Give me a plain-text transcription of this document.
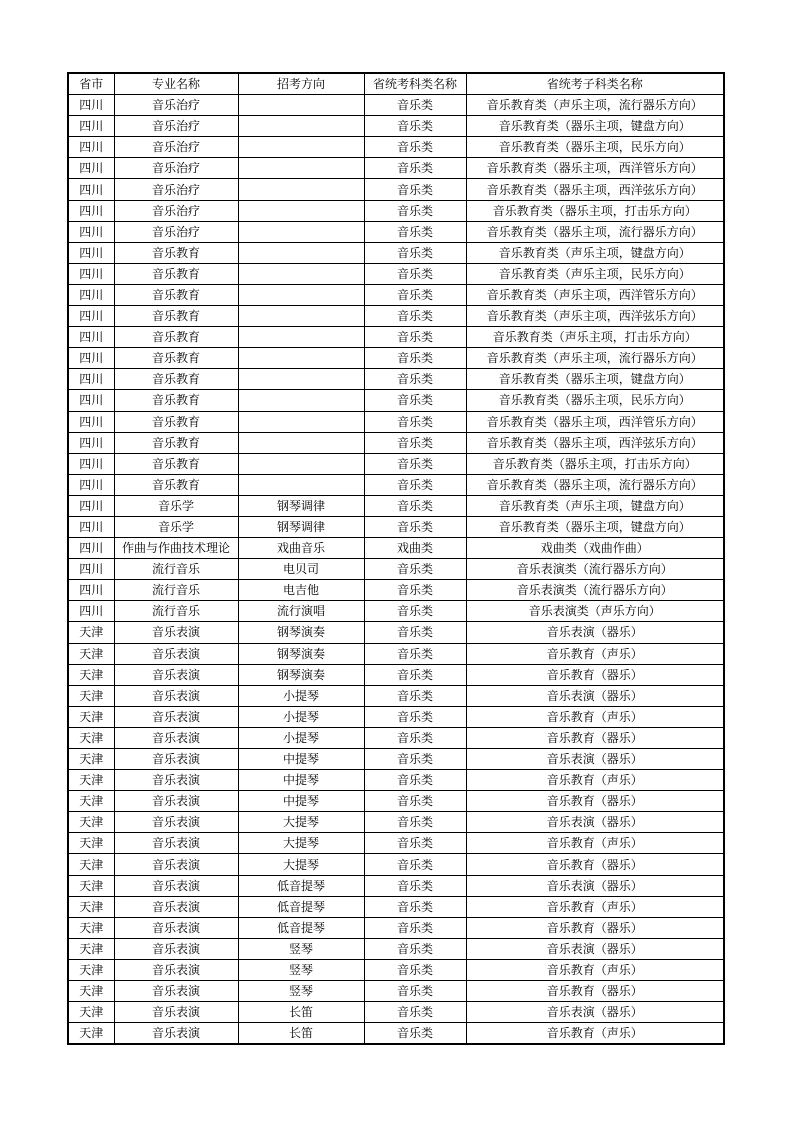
省市	专业名称	招考方向	省统考科类名称	省统考子科类名称
四川	音乐治疗		音乐类	音乐教育类（声乐主项，流行器乐方向）
四川	音乐治疗		音乐类	音乐教育类（器乐主项，键盘方向）
四川	音乐治疗		音乐类	音乐教育类（器乐主项，民乐方向）
四川	音乐治疗		音乐类	音乐教育类（器乐主项，西洋管乐方向）
四川	音乐治疗		音乐类	音乐教育类（器乐主项，西洋弦乐方向）
四川	音乐治疗		音乐类	音乐教育类（器乐主项，打击乐方向）
四川	音乐治疗		音乐类	音乐教育类（器乐主项，流行器乐方向）
四川	音乐教育		音乐类	音乐教育类（声乐主项，键盘方向）
四川	音乐教育		音乐类	音乐教育类（声乐主项，民乐方向）
四川	音乐教育		音乐类	音乐教育类（声乐主项，西洋管乐方向）
四川	音乐教育		音乐类	音乐教育类（声乐主项，西洋弦乐方向）
四川	音乐教育		音乐类	音乐教育类（声乐主项，打击乐方向）
四川	音乐教育		音乐类	音乐教育类（声乐主项，流行器乐方向）
四川	音乐教育		音乐类	音乐教育类（器乐主项，键盘方向）
四川	音乐教育		音乐类	音乐教育类（器乐主项，民乐方向）
四川	音乐教育		音乐类	音乐教育类（器乐主项，西洋管乐方向）
四川	音乐教育		音乐类	音乐教育类（器乐主项，西洋弦乐方向）
四川	音乐教育		音乐类	音乐教育类（器乐主项，打击乐方向）
四川	音乐教育		音乐类	音乐教育类（器乐主项，流行器乐方向）
四川	音乐学	钢琴调律	音乐类	音乐教育类（声乐主项，键盘方向）
四川	音乐学	钢琴调律	音乐类	音乐教育类（器乐主项，键盘方向）
四川	作曲与作曲技术理论	戏曲音乐	戏曲类	戏曲类（戏曲作曲）
四川	流行音乐	电贝司	音乐类	音乐表演类（流行器乐方向）
四川	流行音乐	电吉他	音乐类	音乐表演类（流行器乐方向）
四川	流行音乐	流行演唱	音乐类	音乐表演类（声乐方向）
天津	音乐表演	钢琴演奏	音乐类	音乐表演（器乐）
天津	音乐表演	钢琴演奏	音乐类	音乐教育（声乐）
天津	音乐表演	钢琴演奏	音乐类	音乐教育（器乐）
天津	音乐表演	小提琴	音乐类	音乐表演（器乐）
天津	音乐表演	小提琴	音乐类	音乐教育（声乐）
天津	音乐表演	小提琴	音乐类	音乐教育（器乐）
天津	音乐表演	中提琴	音乐类	音乐表演（器乐）
天津	音乐表演	中提琴	音乐类	音乐教育（声乐）
天津	音乐表演	中提琴	音乐类	音乐教育（器乐）
天津	音乐表演	大提琴	音乐类	音乐表演（器乐）
天津	音乐表演	大提琴	音乐类	音乐教育（声乐）
天津	音乐表演	大提琴	音乐类	音乐教育（器乐）
天津	音乐表演	低音提琴	音乐类	音乐表演（器乐）
天津	音乐表演	低音提琴	音乐类	音乐教育（声乐）
天津	音乐表演	低音提琴	音乐类	音乐教育（器乐）
天津	音乐表演	竖琴	音乐类	音乐表演（器乐）
天津	音乐表演	竖琴	音乐类	音乐教育（声乐）
天津	音乐表演	竖琴	音乐类	音乐教育（器乐）
天津	音乐表演	长笛	音乐类	音乐表演（器乐）
天津	音乐表演	长笛	音乐类	音乐教育（声乐）
